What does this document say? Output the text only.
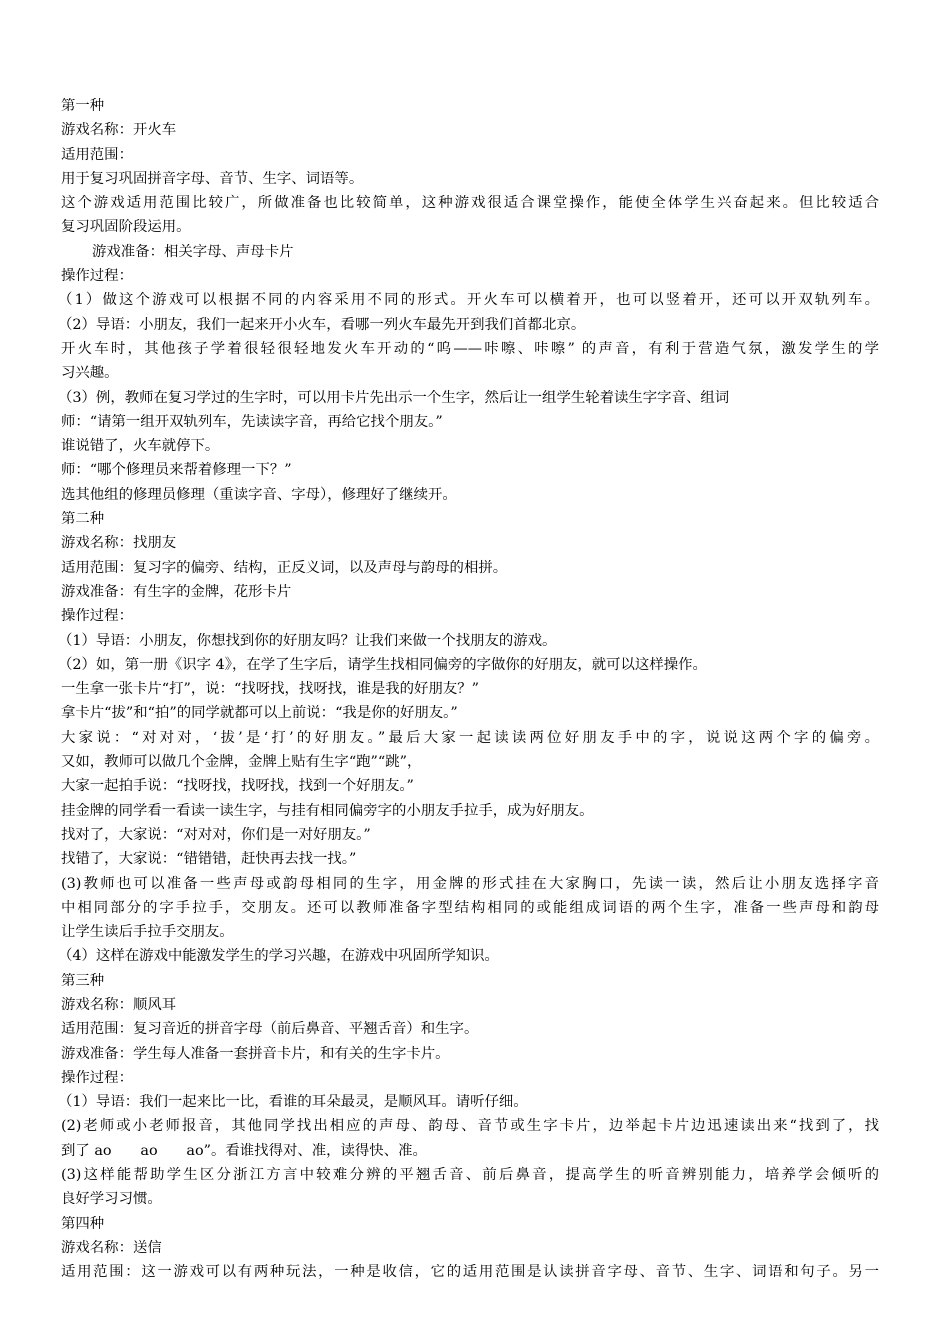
第一种
游戏名称：开火车
适用范围：
用于复习巩固拼音字母、音节、生字、词语等。
这个游戏适用范围比较广，所做准备也比较简单，这种游戏很适合课堂操作，能使全体学生兴奋起来。但比较适合
复习巩固阶段运用。
游戏准备：相关字母、声母卡片
操作过程：
（1）做这个游戏可以根据不同的内容采用不同的形式。开火车可以横着开，也可以竖着开，还可以开双轨列车。
（2）导语：小朋友，我们一起来开小火车，看哪一列火车最先开到我们首都北京。
开火车时，其他孩子学着很轻很轻地发火车开动的“呜——咔嚓、咔嚓” 的声音，有利于营造气氛，激发学生的学
习兴趣。
（3）例，教师在复习学过的生字时，可以用卡片先出示一个生字，然后让一组学生轮着读生字字音、组词
师：“请第一组开双轨列车，先读读字音，再给它找个朋友。”
谁说错了，火车就停下。
师：“哪个修理员来帮着修理一下？”
选其他组的修理员修理（重读字音、字母），修理好了继续开。
第二种
游戏名称：找朋友
适用范围：复习字的偏旁、结构，正反义词，以及声母与韵母的相拼。
游戏准备：有生字的金牌，花形卡片
操作过程：
（1）导语：小朋友，你想找到你的好朋友吗？让我们来做一个找朋友的游戏。
（2）如，第一册《识字 4》，在学了生字后，请学生找相同偏旁的字做你的好朋友，就可以这样操作。
一生拿一张卡片“打”，说：“找呀找，找呀找，谁是我的好朋友？”
拿卡片“拔”和“拍”的同学就都可以上前说：“我是你的好朋友。”
大家说：“对对对，‘拔’是‘打’的好朋友。”最后大家一起读读两位好朋友手中的字，说说这两个字的偏旁。
又如，教师可以做几个金牌，金牌上贴有生字“跑”“跳”，
大家一起拍手说：“找呀找，找呀找，找到一个好朋友。”
挂金牌的同学看一看读一读生字，与挂有相同偏旁字的小朋友手拉手，成为好朋友。
找对了，大家说：“对对对，你们是一对好朋友。”
找错了，大家说：“错错错，赶快再去找一找。”
(3)教师也可以准备一些声母或韵母相同的生字，用金牌的形式挂在大家胸口，先读一读，然后让小朋友选择字音
中相同部分的字手拉手，交朋友。还可以教师准备字型结构相同的或能组成词语的两个生字，准备一些声母和韵母
让学生读后手拉手交朋友。
（4）这样在游戏中能激发学生的学习兴趣，在游戏中巩固所学知识。
第三种
游戏名称：顺风耳
适用范围：复习音近的拼音字母（前后鼻音、平翘舌音）和生字。
游戏准备：学生每人准备一套拼音卡片，和有关的生字卡片。
操作过程：
（1）导语：我们一起来比一比，看谁的耳朵最灵，是顺风耳。请听仔细。
(2)老师或小老师报音，其他同学找出相应的声母、韵母、音节或生字卡片，边举起卡片边迅速读出来“找到了，找
到了 ao　　ao　　ao”。看谁找得对、准，读得快、准。
(3)这样能帮助学生区分浙江方言中较难分辨的平翘舌音、前后鼻音，提高学生的听音辨别能力，培养学会倾听的
良好学习习惯。
第四种
游戏名称：送信
适用范围：这一游戏可以有两种玩法，一种是收信，它的适用范围是认读拼音字母、音节、生字、词语和句子。另一
